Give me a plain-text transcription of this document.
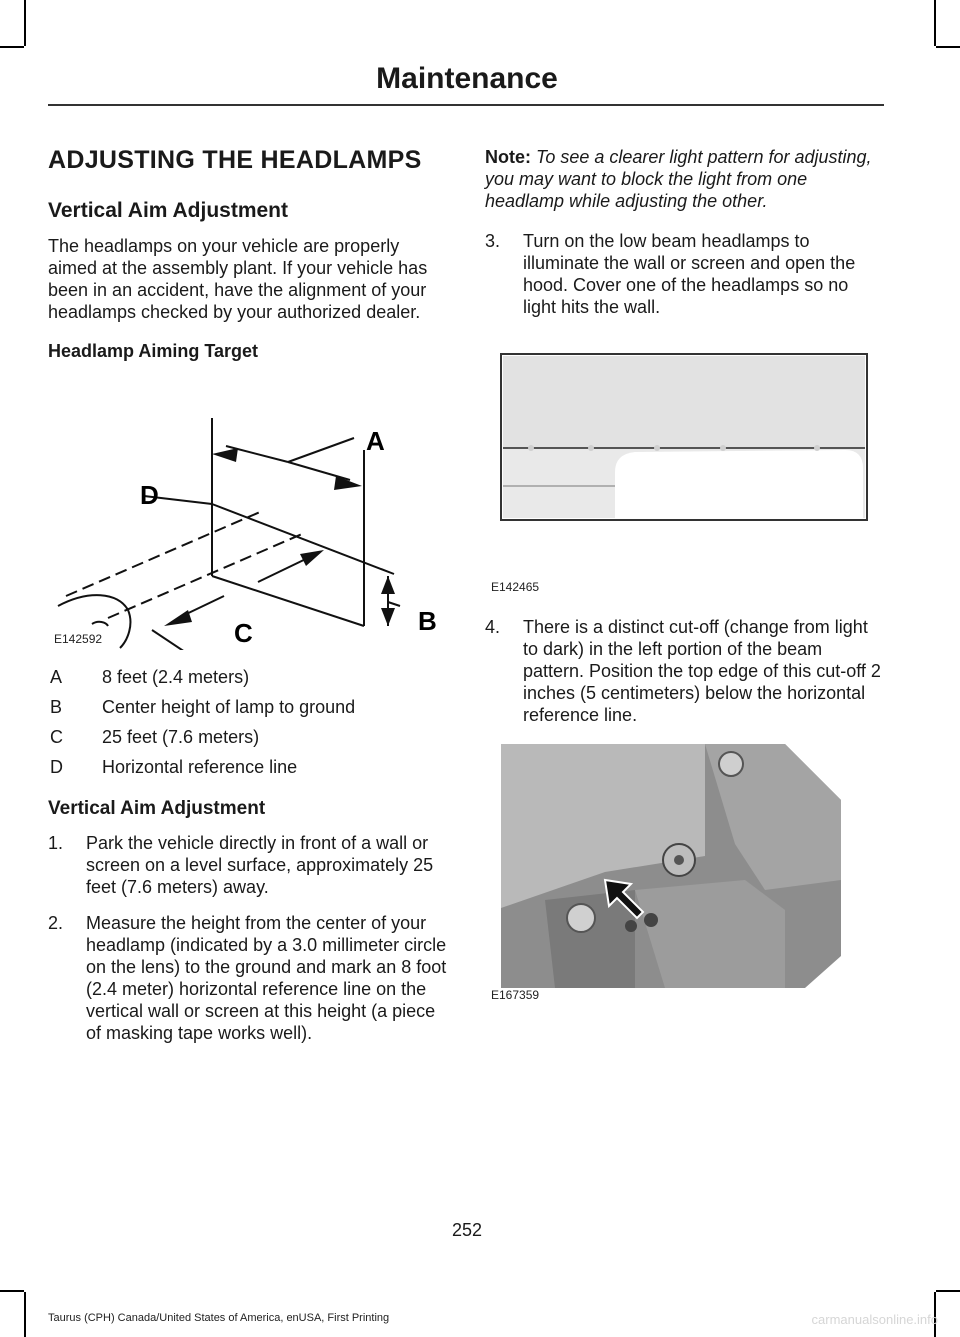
Maintenance
ADJUSTING THE HEADLAMPS
Vertical Aim Adjustment

The headlamps on your vehicle are properly aimed at the assembly plant. If your vehicle has been in an accident, have the alignment of your headlamps checked by your authorized dealer.

Headlamp Aiming Target
A
B
C
D
E142592
A	8 feet (2.4 meters)
B	Center height of lamp to ground
C	25 feet (7.6 meters)
D	Horizontal reference line
Vertical Aim Adjustment
1.	Park the vehicle directly in front of a wall or screen on a level surface, approximately 25 feet (7.6 meters) away.
2.	Measure the height from the center of your headlamp (indicated by a 3.0 millimeter circle on the lens) to the ground and mark an 8 foot (2.4 meter) horizontal reference line on the vertical wall or screen at this height (a piece of masking tape works well).

Note: To see a clearer light pattern for adjusting, you may want to block the light from one headlamp while adjusting the other.

3.	Turn on the low beam headlamps to illuminate the wall or screen and open the hood. Cover one of the headlamps so no light hits the wall.
E142465
4.	There is a distinct cut-off (change from light to dark) in the left portion of the beam pattern. Position the top edge of this cut-off 2 inches (5 centimeters) below the horizontal reference line.
E167359
252
Taurus (CPH) Canada/United States of America, enUSA, First Printing	carmanualsonline.info
